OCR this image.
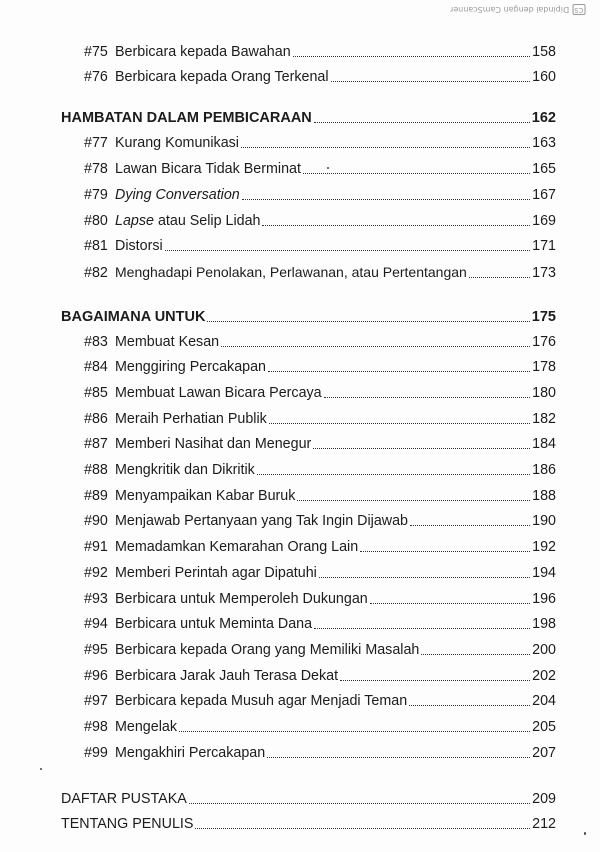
CS
Dipindai dengan CamScanner
#75 Berbicara kepada Bawahan	158
#76 Berbicara kepada Orang Terkenal	160
HAMBATAN DALAM PEMBICARAAN	162
#77 Kurang Komunikasi	163
#78 Lawan Bicara Tidak Berminat	165
#79 Dying Conversation	167
#80 Lapse atau Selip Lidah	169
#81 Distorsi	171
#82 Menghadapi Penolakan, Perlawanan, atau Pertentangan	173
BAGAIMANA UNTUK	175
#83 Membuat Kesan	176
#84 Menggiring Percakapan	178
#85 Membuat Lawan Bicara Percaya	180
#86 Meraih Perhatian Publik	182
#87 Memberi Nasihat dan Menegur	184
#88 Mengkritik dan Dikritik	186
#89 Menyampaikan Kabar Buruk	188
#90 Menjawab Pertanyaan yang Tak Ingin Dijawab	190
#91 Memadamkan Kemarahan Orang Lain	192
#92 Memberi Perintah agar Dipatuhi	194
#93 Berbicara untuk Memperoleh Dukungan	196
#94 Berbicara untuk Meminta Dana	198
#95 Berbicara kepada Orang yang Memiliki Masalah	200
#96 Berbicara Jarak Jauh Terasa Dekat	202
#97 Berbicara kepada Musuh agar Menjadi Teman	204
#98 Mengelak	205
#99 Mengakhiri Percakapan	207
DAFTAR PUSTAKA	209
TENTANG PENULIS	212
